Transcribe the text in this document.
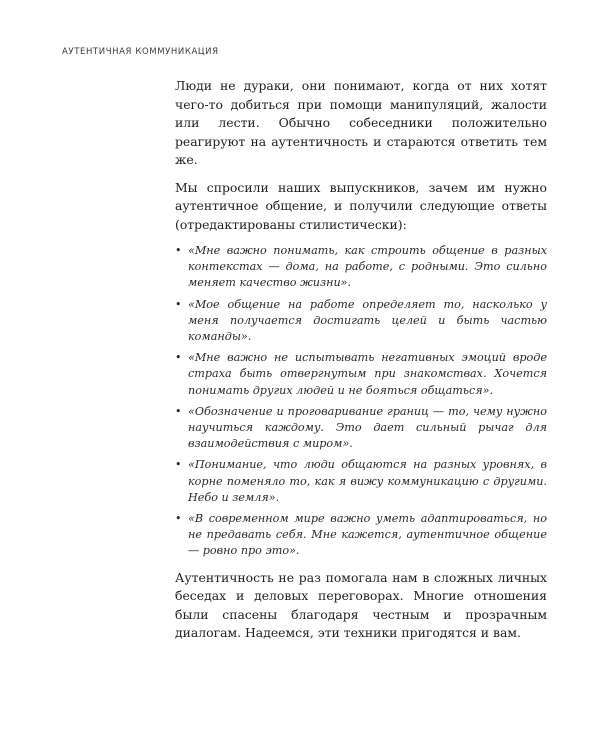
АУТЕНТИЧНАЯ КОММУНИКАЦИЯ

Люди не дураки, они понимают, когда от них хотят чего-то добиться при помощи манипуляций, жалости или лести. Обычно собеседники положительно реагируют на аутентичность и стараются ответить тем же.

Мы спросили наших выпускников, зачем им нужно аутентичное общение, и получили следующие ответы (отредактированы стилистически):

• «Мне важно понимать, как строить общение в разных контекстах — дома, на работе, с родными. Это сильно меняет качество жизни».
• «Мое общение на работе определяет то, насколько у меня получается достигать целей и быть частью команды».
• «Мне важно не испытывать негативных эмоций вроде страха быть отвергнутым при знакомствах. Хочется понимать других людей и не бояться общаться».
• «Обозначение и проговаривание границ — то, чему нужно научиться каждому. Это дает сильный рычаг для взаимодействия с миром».
• «Понимание, что люди общаются на разных уровнях, в корне поменяло то, как я вижу коммуникацию с другими. Небо и земля».
• «В современном мире важно уметь адаптироваться, но не предавать себя. Мне кажется, аутентичное общение — ровно про это».

Аутентичность не раз помогала нам в сложных личных беседах и деловых переговорах. Многие отношения были спасены благодаря честным и прозрачным диалогам. Надеемся, эти техники пригодятся и вам.
